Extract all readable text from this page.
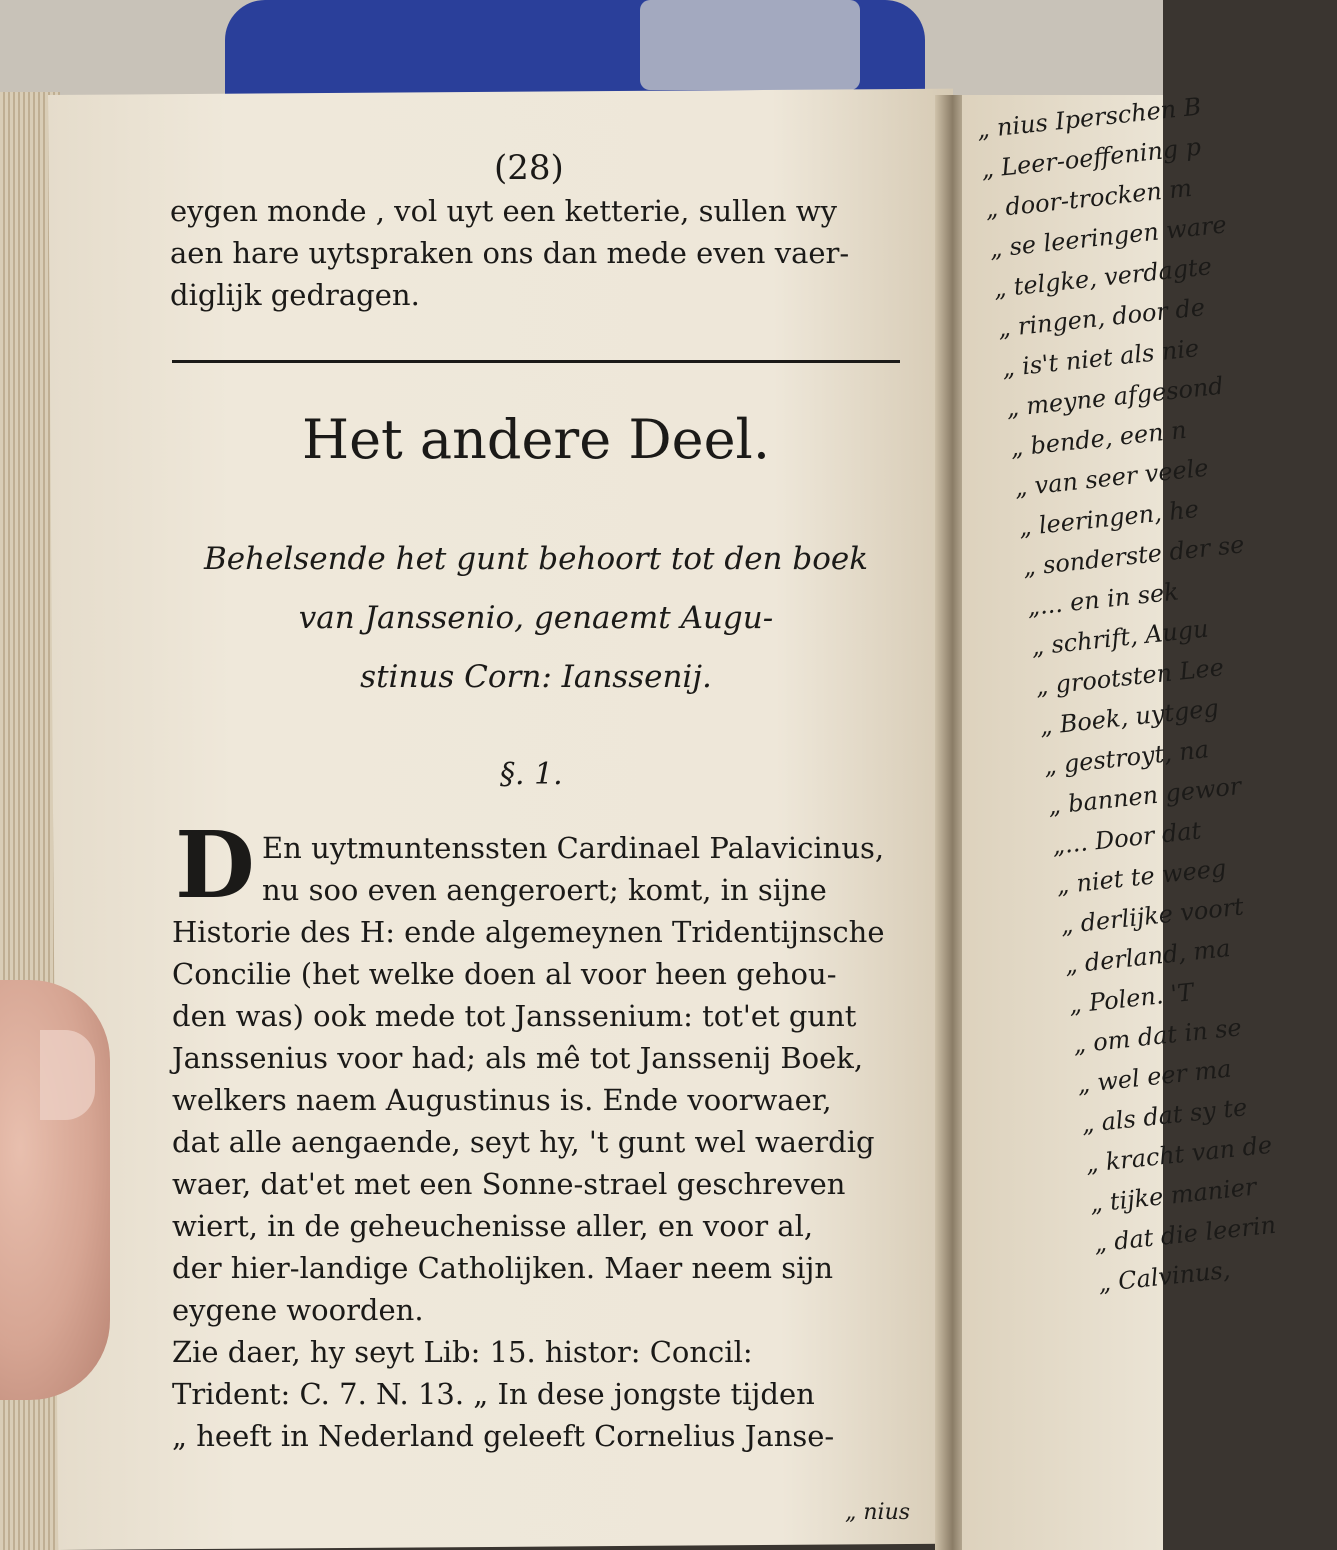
(28)
eygen monde , vol uyt een ketterie, sullen wy
aen hare uytspraken ons dan mede even vaer-
diglijk gedragen.
Het andere Deel.
Behelsende het gunt behoort tot den boek
van Janssenio, genaemt Augu-
stinus Corn: Ianssenij.
§. 1.
D En uytmuntenssten Cardinael Palavicinus,
nu soo even aengeroert; komt, in sijne
Historie des H: ende algemeynen Tridentijnsche
Concilie (het welke doen al voor heen gehou-
den was) ook mede tot Janssenium: tot'et gunt
Janssenius voor had; als mê tot Janssenij Boek,
welkers naem Augustinus is. Ende voorwaer,
dat alle aengaende, seyt hy, 't gunt wel waerdig
waer, dat'et met een Sonne-strael geschreven
wiert, in de geheuchenisse aller, en voor al,
der hier-landige Catholijken. Maer neem sijn
eygene woorden.
Zie daer, hy seyt Lib: 15. histor: Concil:
Trident: C. 7. N. 13. „ In dese jongste tijden
„ heeft in Nederland geleeft Cornelius Janse-
„ nius
„ nius Iperschen B
„ Leer-oeffening p
„ door-trocken m
„ se leeringen ware
„ telgke, verdagte
„ ringen, door de
„ is't niet als nie
„ meyne afgesond
„ bende, een n
„ van seer veele
„ leeringen, he
„ sonderste der se
„... en in sek
„ schrift, Augu
„ grootsten Lee
„ Boek, uytgeg
„ gestroyt, na
„ bannen gewor
„... Door dat
„ niet te weeg
„ derlijke voort
„ derland, ma
„ Polen. 'T
„ om dat in se
„ wel eer ma
„ als dat sy te
„ kracht van de
„ tijke manier
„ dat die leerin
„ Calvinus,
